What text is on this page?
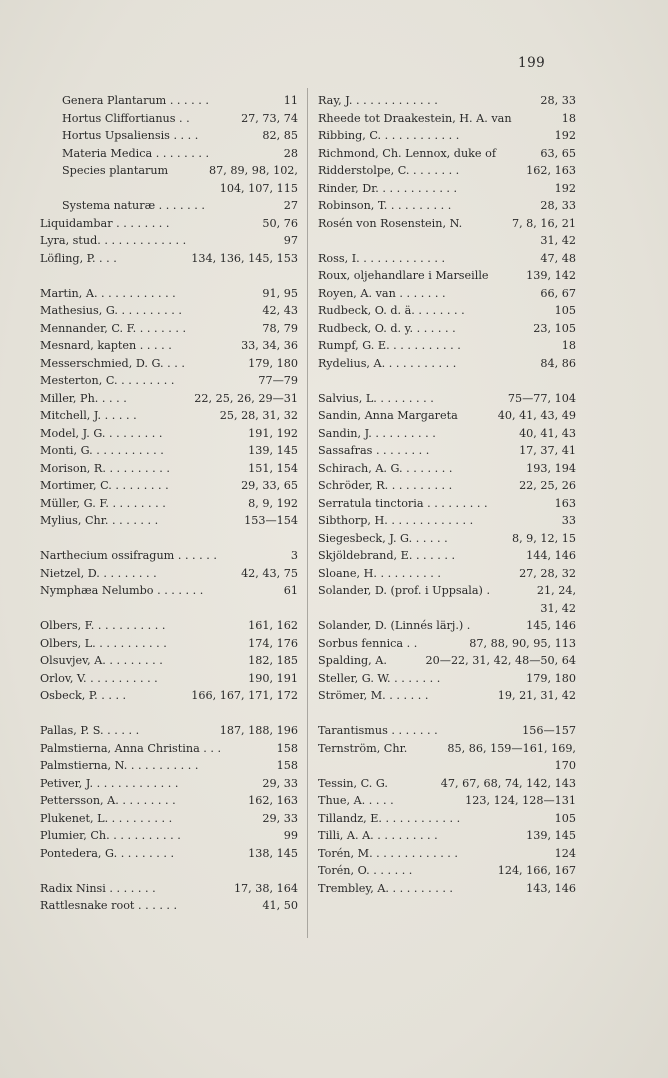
199
11
Genera Plantarum . . . . . .
27, 73, 74
Hortus Cliffortianus . .
82, 85
Hortus Upsaliensis . . . .
28
Materia Medica . . . . . . . .
87, 89, 98, 102,
Species plantarum
104, 107, 115
27
Systema naturæ . . . . . . .
50, 76
Liquidambar . . . . . . . .
97
Lyra, stud. . . . . . . . . . . . .
134, 136, 145, 153
Löfling, P. . . .
91, 95
Martin, A. . . . . . . . . . . .
42, 43
Mathesius, G. . . . . . . . . .
78, 79
Mennander, C. F. . . . . . . .
33, 34, 36
Mesnard, kapten . . . . .
179, 180
Messerschmied, D. G. . . .
77—79
Mesterton, C. . . . . . . . .
22, 25, 26, 29—31
Miller, Ph. . . . .
25, 28, 31, 32
Mitchell, J. . . . . .
191, 192
Model, J. G. . . . . . . . .
139, 145
Monti, G. . . . . . . . . . .
151, 154
Morison, R. . . . . . . . . .
29, 33, 65
Mortimer, C. . . . . . . . .
8, 9, 192
Müller, G. F. . . . . . . . .
153—154
Mylius, Chr. . . . . . . .
3
Narthecium ossifragum . . . . . .
42, 43, 75
Nietzel, D. . . . . . . . .
61
Nymphæa Nelumbo . . . . . . .
161, 162
Olbers, F. . . . . . . . . . .
174, 176
Olbers, L. . . . . . . . . . .
182, 185
Olsuvjev, A. . . . . . . . .
190, 191
Orlov, V. . . . . . . . . . .
166, 167, 171, 172
Osbeck, P. . . . .
187, 188, 196
Pallas, P. S. . . . . .
158
Palmstierna, Anna Christina . . .
158
Palmstierna, N. . . . . . . . . . .
29, 33
Petiver, J. . . . . . . . . . . . .
162, 163
Pettersson, A. . . . . . . . .
29, 33
Plukenet, L. . . . . . . . . .
99
Plumier, Ch. . . . . . . . . . .
138, 145
Pontedera, G. . . . . . . . .
17, 38, 164
Radix Ninsi . . . . . . .
41, 50
Rattlesnake root . . . . . .
28, 33
Ray, J. . . . . . . . . . . . .
18
Rheede tot Draakestein, H. A. van
192
Ribbing, C. . . . . . . . . . . .
63, 65
Richmond, Ch. Lennox, duke of
162, 163
Ridderstolpe, C. . . . . . . .
192
Rinder, Dr. . . . . . . . . . . .
28, 33
Robinson, T. . . . . . . . . .
7, 8, 16, 21
Rosén von Rosenstein, N.
31, 42
47, 48
Ross, I. . . . . . . . . . . . .
139, 142
Roux, oljehandlare i Marseille
66, 67
Royen, A. van . . . . . . .
105
Rudbeck, O. d. ä. . . . . . . .
23, 105
Rudbeck, O. d. y. . . . . . .
18
Rumpf, G. E. . . . . . . . . . .
84, 86
Rydelius, A. . . . . . . . . . .
75—77, 104
Salvius, L. . . . . . . . .
40, 41, 43, 49
Sandin, Anna Margareta
40, 41, 43
Sandin, J. . . . . . . . . .
17, 37, 41
Sassafras . . . . . . . .
193, 194
Schirach, A. G. . . . . . . .
22, 25, 26
Schröder, R. . . . . . . . . .
163
Serratula tinctoria . . . . . . . . .
33
Sibthorp, H. . . . . . . . . . . . .
8, 9, 12, 15
Siegesbeck, J. G. . . . . .
144, 146
Skjöldebrand, E. . . . . . .
27, 28, 32
Sloane, H. . . . . . . . . .
21, 24,
Solander, D. (prof. i Uppsala) .
31, 42
145, 146
Solander, D. (Linnés lärj.) .
87, 88, 90, 95, 113
Sorbus fennica . .
20—22, 31, 42, 48—50, 64
Spalding, A.
179, 180
Steller, G. W. . . . . . . .
19, 21, 31, 42
Strömer, M. . . . . . .
156—157
Tarantismus . . . . . . .
85, 86, 159—161, 169,
Ternström, Chr.
170
47, 67, 68, 74, 142, 143
Tessin, C. G.
123, 124, 128—131
Thue, A. . . . .
105
Tillandz, E. . . . . . . . . . . .
139, 145
Tilli, A. A. . . . . . . . . .
124
Torén, M. . . . . . . . . . . . .
124, 166, 167
Torén, O. . . . . . .
143, 146
Trembley, A. . . . . . . . . .
